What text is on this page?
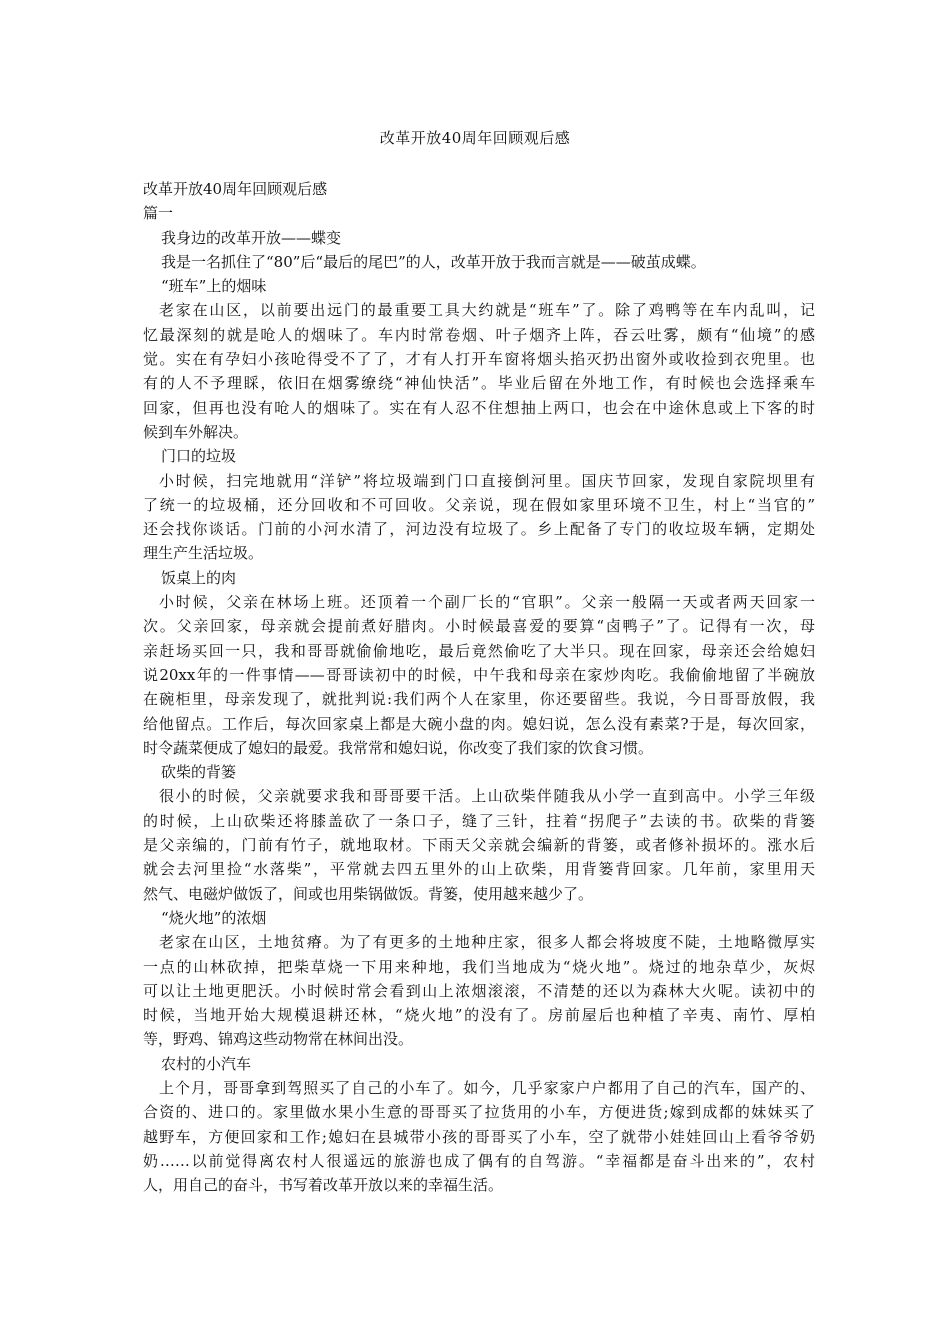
改革开放40周年回顾观后感
改革开放40周年回顾观后感
篇一
我身边的改革开放——蝶变
我是一名抓住了“80”后“最后的尾巴”的人，改革开放于我而言就是——破茧成蝶。
“班车”上的烟味
老家在山区，以前要出远门的最重要工具大约就是“班车”了。除了鸡鸭等在车内乱叫，记
忆最深刻的就是呛人的烟味了。车内时常卷烟、叶子烟齐上阵，吞云吐雾，颇有“仙境”的感
觉。实在有孕妇小孩呛得受不了了，才有人打开车窗将烟头掐灭扔出窗外或收捡到衣兜里。也
有的人不予理睬，依旧在烟雾缭绕“神仙快活”。毕业后留在外地工作，有时候也会选择乘车
回家，但再也没有呛人的烟味了。实在有人忍不住想抽上两口，也会在中途休息或上下客的时
候到车外解决。
门口的垃圾
小时候，扫完地就用“洋铲”将垃圾端到门口直接倒河里。国庆节回家，发现自家院坝里有
了统一的垃圾桶，还分回收和不可回收。父亲说，现在假如家里环境不卫生，村上“当官的”
还会找你谈话。门前的小河水清了，河边没有垃圾了。乡上配备了专门的收垃圾车辆，定期处
理生产生活垃圾。
饭桌上的肉
小时候，父亲在林场上班。还顶着一个副厂长的“官职”。父亲一般隔一天或者两天回家一
次。父亲回家，母亲就会提前煮好腊肉。小时候最喜爱的要算“卤鸭子”了。记得有一次，母
亲赶场买回一只，我和哥哥就偷偷地吃，最后竟然偷吃了大半只。现在回家，母亲还会给媳妇
说20xx年的一件事情——哥哥读初中的时候，中午我和母亲在家炒肉吃。我偷偷地留了半碗放
在碗柜里，母亲发现了，就批判说:我们两个人在家里，你还要留些。我说，今日哥哥放假，我
给他留点。工作后，每次回家桌上都是大碗小盘的肉。媳妇说，怎么没有素菜?于是，每次回家，
时令蔬菜便成了媳妇的最爱。我常常和媳妇说，你改变了我们家的饮食习惯。
砍柴的背篓
很小的时候，父亲就要求我和哥哥要干活。上山砍柴伴随我从小学一直到高中。小学三年级
的时候，上山砍柴还将膝盖砍了一条口子，缝了三针，拄着“拐爬子”去读的书。砍柴的背篓
是父亲编的，门前有竹子，就地取材。下雨天父亲就会编新的背篓，或者修补损坏的。涨水后
就会去河里捡“水落柴”，平常就去四五里外的山上砍柴，用背篓背回家。几年前，家里用天
然气、电磁炉做饭了，间或也用柴锅做饭。背篓，使用越来越少了。
“烧火地”的浓烟
老家在山区，土地贫瘠。为了有更多的土地种庄家，很多人都会将坡度不陡，土地略微厚实
一点的山林砍掉，把柴草烧一下用来种地，我们当地成为“烧火地”。烧过的地杂草少，灰烬
可以让土地更肥沃。小时候时常会看到山上浓烟滚滚，不清楚的还以为森林大火呢。读初中的
时候，当地开始大规模退耕还林，“烧火地”的没有了。房前屋后也种植了辛夷、南竹、厚柏
等，野鸡、锦鸡这些动物常在林间出没。
农村的小汽车
上个月，哥哥拿到驾照买了自己的小车了。如今，几乎家家户户都用了自己的汽车，国产的、
合资的、进口的。家里做水果小生意的哥哥买了拉货用的小车，方便进货;嫁到成都的妹妹买了
越野车，方便回家和工作;媳妇在县城带小孩的哥哥买了小车，空了就带小娃娃回山上看爷爷奶
奶……以前觉得离农村人很遥远的旅游也成了偶有的自驾游。“幸福都是奋斗出来的”，农村
人，用自己的奋斗，书写着改革开放以来的幸福生活。
